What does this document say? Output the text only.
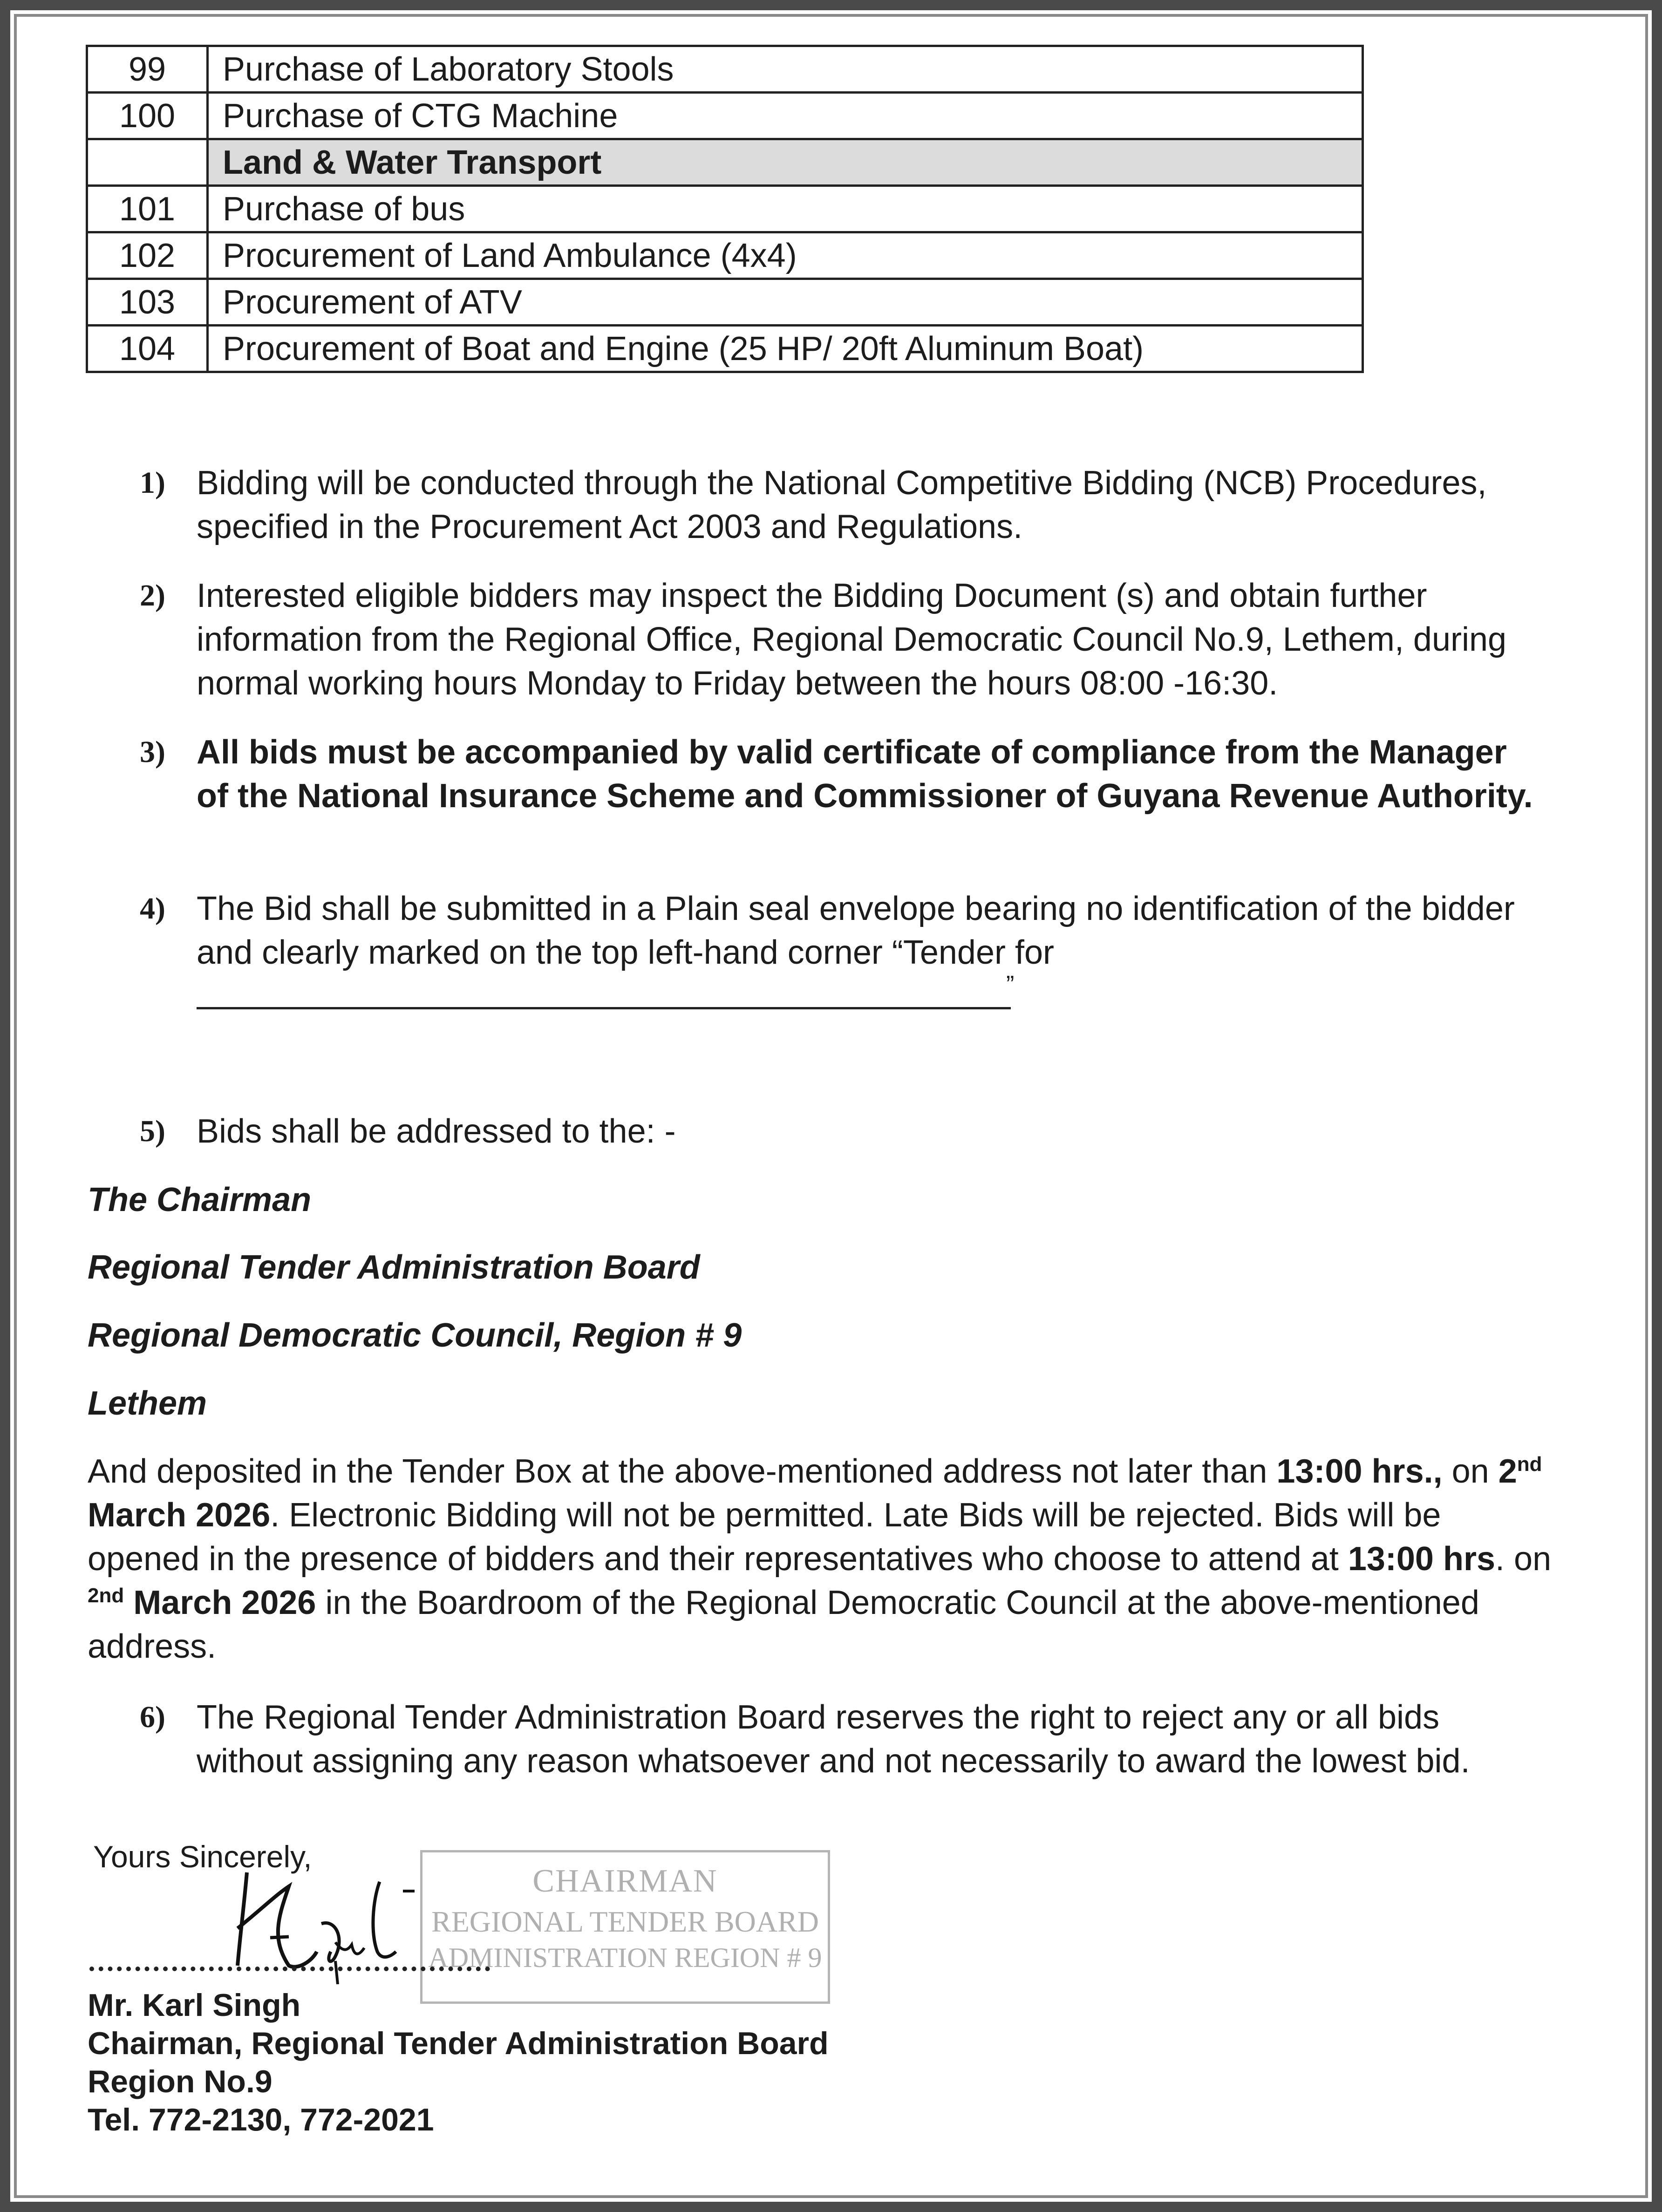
99	Purchase of Laboratory Stools
100	Purchase of CTG Machine
	Land & Water Transport
101	Purchase of bus
102	Procurement of Land Ambulance (4x4)
103	Procurement of ATV
104	Procurement of Boat and Engine (25 HP/ 20ft Aluminum Boat)
1) Bidding will be conducted through the National Competitive Bidding (NCB) Procedures, specified in the Procurement Act 2003 and Regulations.
2) Interested eligible bidders may inspect the Bidding Document (s) and obtain further information from the Regional Office, Regional Democratic Council No.9, Lethem, during normal working hours Monday to Friday between the hours 08:00 -16:30.
3) All bids must be accompanied by valid certificate of compliance from the Manager of the National Insurance Scheme and Commissioner of Guyana Revenue Authority.
4) The Bid shall be submitted in a Plain seal envelope bearing no identification of the bidder and clearly marked on the top left-hand corner “Tender for
”
5) Bids shall be addressed to the: -
The Chairman
Regional Tender Administration Board
Regional Democratic Council, Region # 9
Lethem
And deposited in the Tender Box at the above-mentioned address not later than 13:00 hrs., on 2nd March 2026. Electronic Bidding will not be permitted. Late Bids will be rejected. Bids will be opened in the presence of bidders and their representatives who choose to attend at 13:00 hrs. on $^{2nd}$ March 2026 in the Boardroom of the Regional Democratic Council at the above-mentioned address.
6) The Regional Tender Administration Board reserves the right to reject any or all bids without assigning any reason whatsoever and not necessarily to award the lowest bid.
Yours Sincerely,
CHAIRMAN
REGIONAL TENDER BOARD
ADMINISTRATION REGION # 9
Mr. Karl Singh
Chairman, Regional Tender Administration Board
Region No.9
Tel. 772-2130, 772-2021
